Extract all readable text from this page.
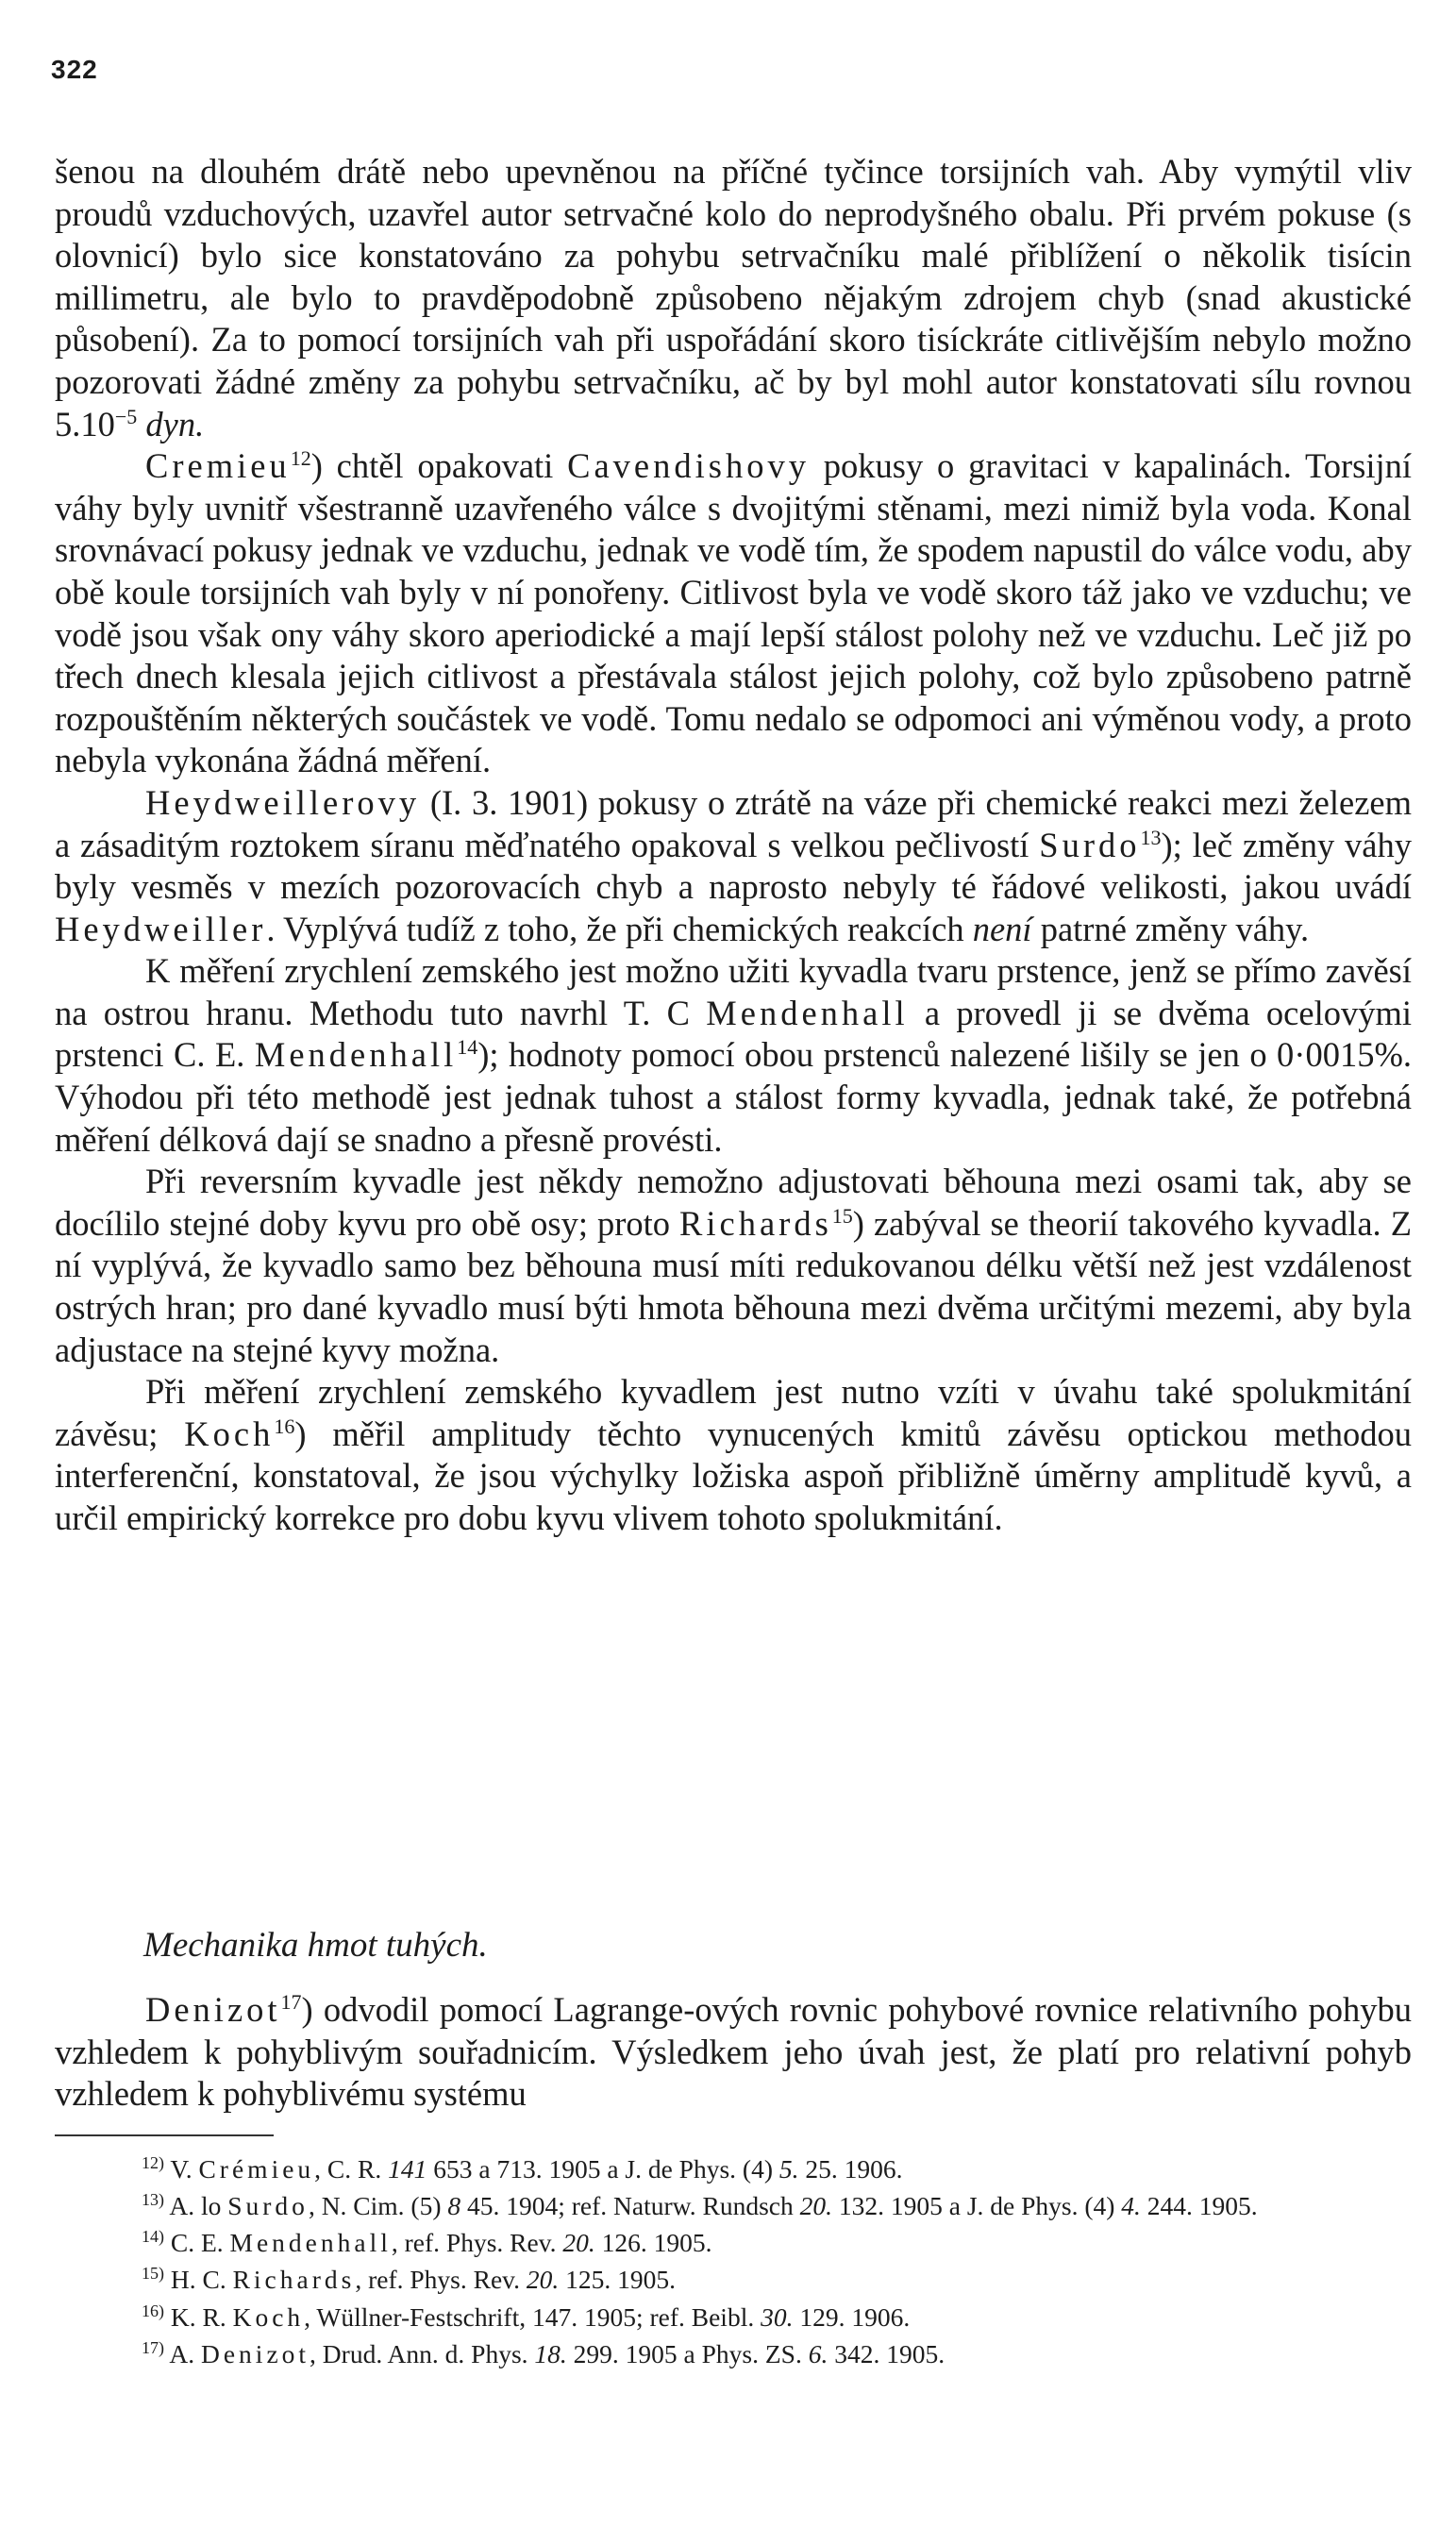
322

šenou na dlouhém drátě nebo upevněnou na příčné tyčince torsijních vah. Aby vymýtil vliv proudů vzduchových, uzavřel autor setrvačné kolo do neprodyšného obalu. Při prvém pokuse (s olovnicí) bylo sice konstatováno za pohybu setrvačníku malé přiblížení o několik tisícin millimetru, ale bylo to pravděpodobně způsobeno nějakým zdrojem chyb (snad akustické působení). Za to pomocí torsijních vah při uspořádání skoro tisíckráte citlivějším nebylo možno pozorovati žádné změny za pohybu setrvačníku, ač by byl mohl autor konstatovati sílu rovnou $5.10^{-5}$ dyn.

Cremieu$^{12}$) chtěl opakovati Cavendishovy pokusy o gravitaci v kapalinách. Torsijní váhy byly uvnitř všestranně uzavřeného válce s dvojitými stěnami, mezi nimiž byla voda. Konal srovnávací pokusy jednak ve vzduchu, jednak ve vodě tím, že spodem napustil do válce vodu, aby obě koule torsijních vah byly v ní ponořeny. Citlivost byla ve vodě skoro táž jako ve vzduchu; ve vodě jsou však ony váhy skoro aperiodické a mají lepší stálost polohy než ve vzduchu. Leč již po třech dnech klesala jejich citlivost a přestávala stálost jejich polohy, což bylo způsobeno patrně rozpouštěním některých součástek ve vodě. Tomu nedalo se odpomoci ani výměnou vody, a proto nebyla vykonána žádná měření.

Heydweillerovy (I. 3. 1901) pokusy o ztrátě na váze při chemické reakci mezi železem a zásaditým roztokem síranu měďnatého opakoval s velkou pečlivostí Surdo$^{13}$); leč změny váhy byly vesměs v mezích pozorovacích chyb a naprosto nebyly té řádové velikosti, jakou uvádí Heydweiller. Vyplývá tudíž z toho, že při chemických reakcích není patrné změny váhy.

K měření zrychlení zemského jest možno užiti kyvadla tvaru prstence, jenž se přímo zavěsí na ostrou hranu. Methodu tuto navrhl T. C Mendenhall a provedl ji se dvěma ocelovými prstenci C. E. Mendenhall$^{14}$); hodnoty pomocí obou prstenců nalezené lišily se jen o 0·0015%. Výhodou při této methodě jest jednak tuhost a stálost formy kyvadla, jednak také, že potřebná měření délková dají se snadno a přesně provésti.

Při reversním kyvadle jest někdy nemožno adjustovati běhouna mezi osami tak, aby se docílilo stejné doby kyvu pro obě osy; proto Richards$^{15}$) zabýval se theorií takového kyvadla. Z ní vyplývá, že kyvadlo samo bez běhouna musí míti redukovanou délku větší než jest vzdálenost ostrých hran; pro dané kyvadlo musí býti hmota běhouna mezi dvěma určitými mezemi, aby byla adjustace na stejné kyvy možna.

Při měření zrychlení zemského kyvadlem jest nutno vzíti v úvahu také spolukmitání závěsu; Koch$^{16}$) měřil amplitudy těchto vynucených kmitů závěsu optickou methodou interferenční, konstatoval, že jsou výchylky ložiska aspoň přibližně úměrny amplitudě kyvů, a určil empirický korrekce pro dobu kyvu vlivem tohoto spolukmitání.

Mechanika hmot tuhých.

Denizot$^{17}$) odvodil pomocí Lagrange-ových rovnic pohybové rovnice relativního pohybu vzhledem k pohyblivým souřadnicím. Výsledkem jeho úvah jest, že platí pro relativní pohyb vzhledem k pohyblivému systému

$^{12)}$ V. Crémieu, C. R. 141 653 a 713. 1905 a J. de Phys. (4) 5. 25. 1906.

$^{13)}$ A. lo Surdo, N. Cim. (5) 8 45. 1904; ref. Naturw. Rundsch 20. 132. 1905 a J. de Phys. (4) 4. 244. 1905.

$^{14)}$ C. E. Mendenhall, ref. Phys. Rev. 20. 126. 1905.

$^{15)}$ H. C. Richards, ref. Phys. Rev. 20. 125. 1905.

$^{16)}$ K. R. Koch, Wüllner-Festschrift, 147. 1905; ref. Beibl. 30. 129. 1906.

$^{17)}$ A. Denizot, Drud. Ann. d. Phys. 18. 299. 1905 a Phys. ZS. 6. 342. 1905.
